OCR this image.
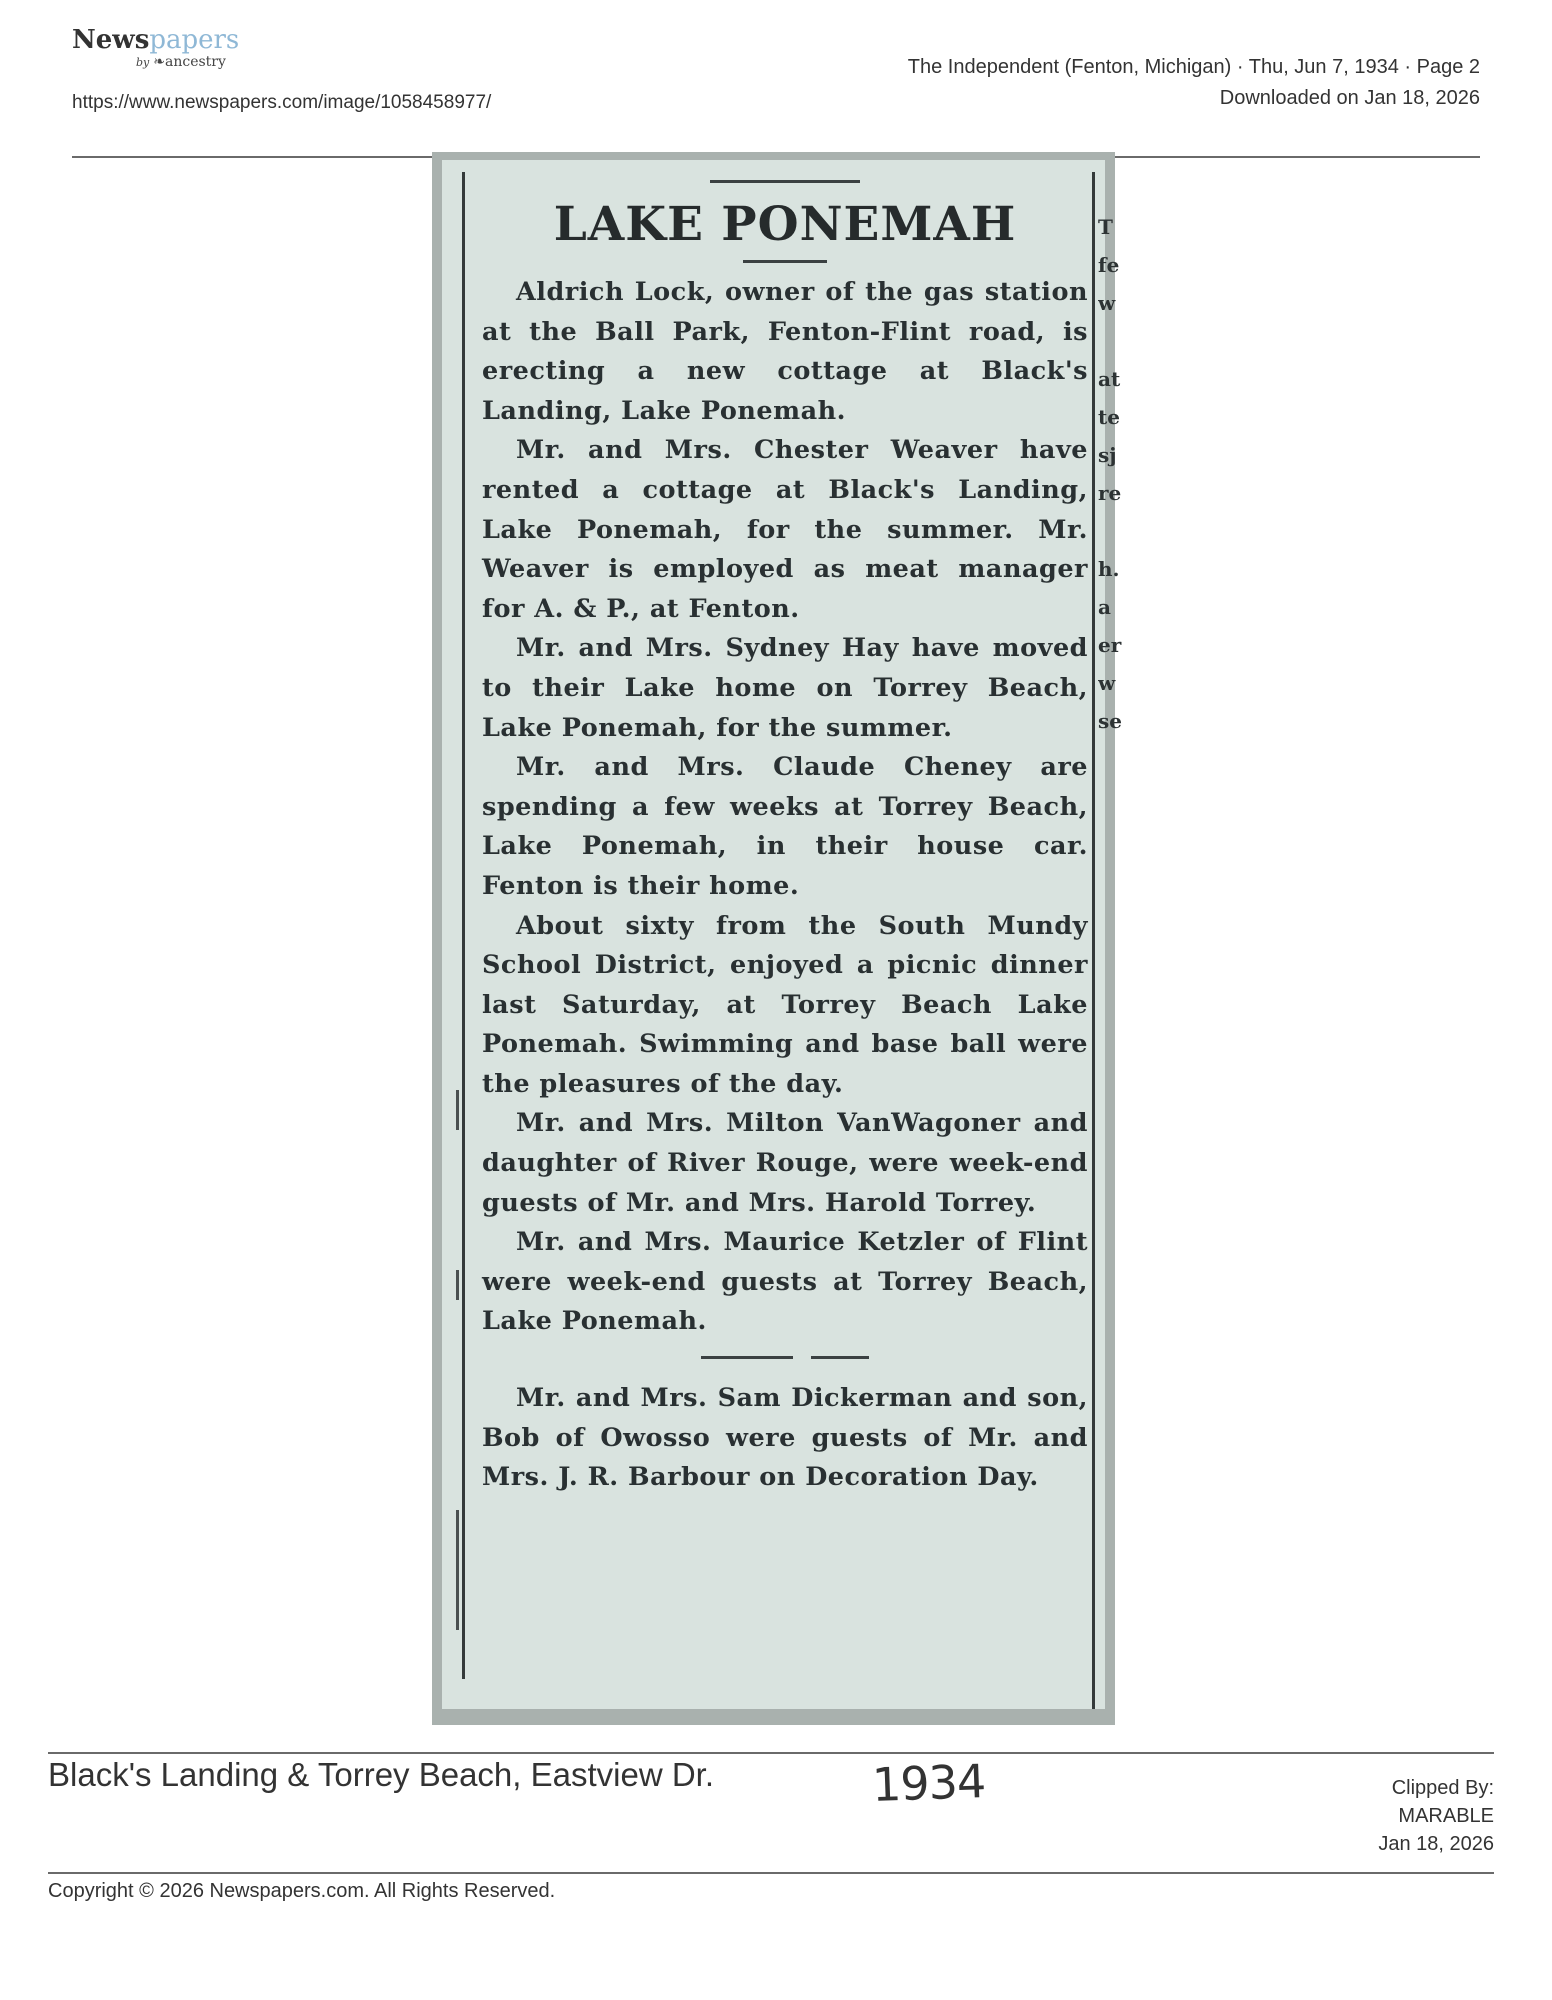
Newspapers
by ❧ancestry
https://www.newspapers.com/image/1058458977/
The Independent (Fenton, Michigan) · Thu, Jun 7, 1934 · Page 2
Downloaded on Jan 18, 2026
LAKE PONEMAH

Aldrich Lock, owner of the gas station at the Ball Park, Fenton-Flint road, is erecting a new cottage at Black's Landing, Lake Ponemah.

Mr. and Mrs. Chester Weaver have rented a cottage at Black's Landing, Lake Ponemah, for the summer. Mr. Weaver is employed as meat manager for A. & P., at Fenton.

Mr. and Mrs. Sydney Hay have moved to their Lake home on Torrey Beach, Lake Ponemah, for the summer.

Mr. and Mrs. Claude Cheney are spending a few weeks at Torrey Beach, Lake Ponemah, in their house car. Fenton is their home.

About sixty from the South Mundy School District, enjoyed a picnic dinner last Saturday, at Torrey Beach Lake Ponemah. Swimming and base ball were the pleasures of the day.

Mr. and Mrs. Milton VanWagoner and daughter of River Rouge, were week-end guests of Mr. and Mrs. Harold Torrey.

Mr. and Mrs. Maurice Ketzler of Flint were week-end guests at Torrey Beach, Lake Ponemah.

Mr. and Mrs. Sam Dickerman and son, Bob of Owosso were guests of Mr. and Mrs. J. R. Barbour on Decoration Day.

T
fe
w
at
te
sj
re
h.
a
er
w
se
Black's Landing & Torrey Beach, Eastview Dr.	1934	Clipped By:
MARABLE
Jan 18, 2026
Copyright © 2026 Newspapers.com. All Rights Reserved.
